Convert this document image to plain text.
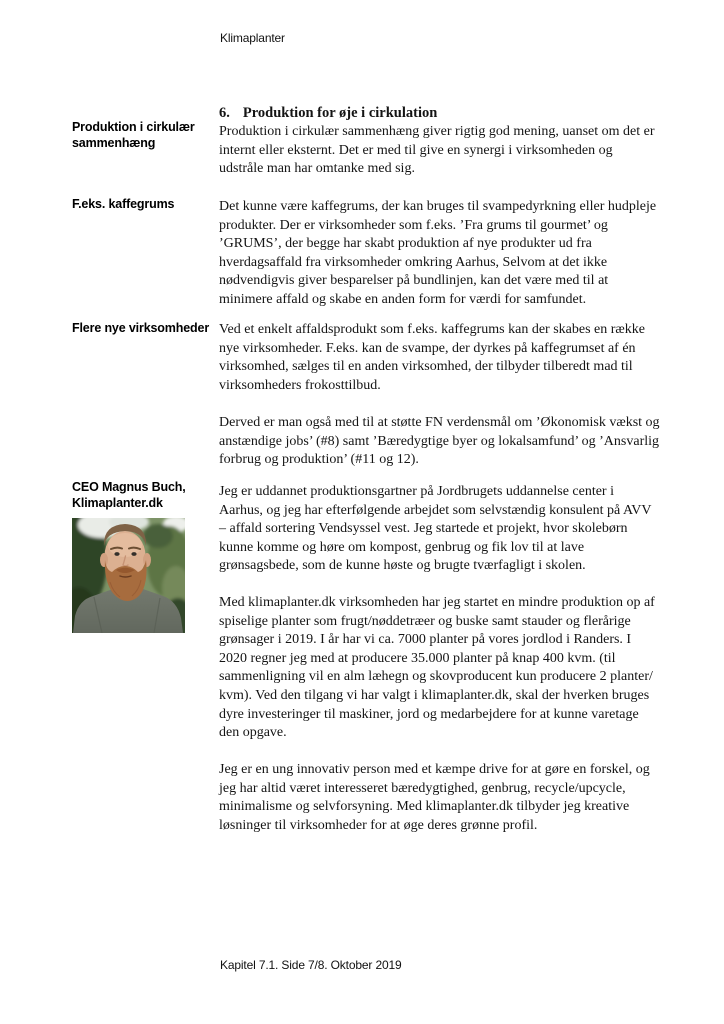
Klimaplanter
Produktion i cirkulær sammenhæng
F.eks. kaffegrums
Flere nye virksomheder
CEO Magnus Buch, Klimaplanter.dk
6. Produktion for øje i cirkulation
Produktion i cirkulær sammenhæng giver rigtig god mening, uanset om det er internt eller eksternt. Det er med til give en synergi i virksomheden og udstråle man har omtanke med sig.
Det kunne være kaffegrums, der kan bruges til svampedyrkning eller hudpleje produkter. Der er virksomheder som f.eks. ’Fra grums til gourmet’ og ’GRUMS’, der begge har skabt produktion af nye produkter ud fra hverdagsaffald fra virksomheder omkring Aarhus, Selvom at det ikke nødvendigvis giver besparelser på bundlinjen, kan det være med til at minimere affald og skabe en anden form for værdi for samfundet.
Ved et enkelt affaldsprodukt som f.eks. kaffegrums kan der skabes en række nye virksomheder. F.eks. kan de svampe, der dyrkes på kaffegrumset af én virksomhed, sælges til en anden virksomhed, der tilbyder tilberedt mad til virksomheders frokosttilbud.
Derved er man også med til at støtte FN verdensmål om ’Økonomisk vækst og anstændige jobs’ (#8) samt ’Bæredygtige byer og lokalsamfund’ og ’Ansvarlig forbrug og produktion’ (#11 og 12).
Jeg er uddannet produktionsgartner på Jordbrugets uddannelse center i Aarhus, og jeg har efterfølgende arbejdet som selvstændig konsulent på AVV – affald sortering Vendsyssel vest. Jeg startede et projekt, hvor skolebørn kunne komme og høre om kompost, genbrug og fik lov til at lave grønsagsbede, som de kunne høste og brugte tværfagligt i skolen.
Med klimaplanter.dk virksomheden har jeg startet en mindre produktion op af spiselige planter som frugt/nøddetræer og buske samt stauder og flerårige grønsager i 2019. I år har vi ca. 7000 planter på vores jordlod i Randers. I 2020 regner jeg med at producere 35.000 planter på knap 400 kvm. (til sammenligning vil en alm læhegn og skovproducent kun producere 2 planter/ kvm). Ved den tilgang vi har valgt i klimaplanter.dk, skal der hverken bruges dyre investeringer til maskiner, jord og medarbejdere for at kunne varetage den opgave.
Jeg er en ung innovativ person med et kæmpe drive for at gøre en forskel, og jeg har altid været interesseret bæredygtighed, genbrug, recycle/upcycle, minimalisme og selvforsyning. Med klimaplanter.dk tilbyder jeg kreative løsninger til virksomheder for at øge deres grønne profil.
Kapitel 7.1. Side 7/8. Oktober 2019
